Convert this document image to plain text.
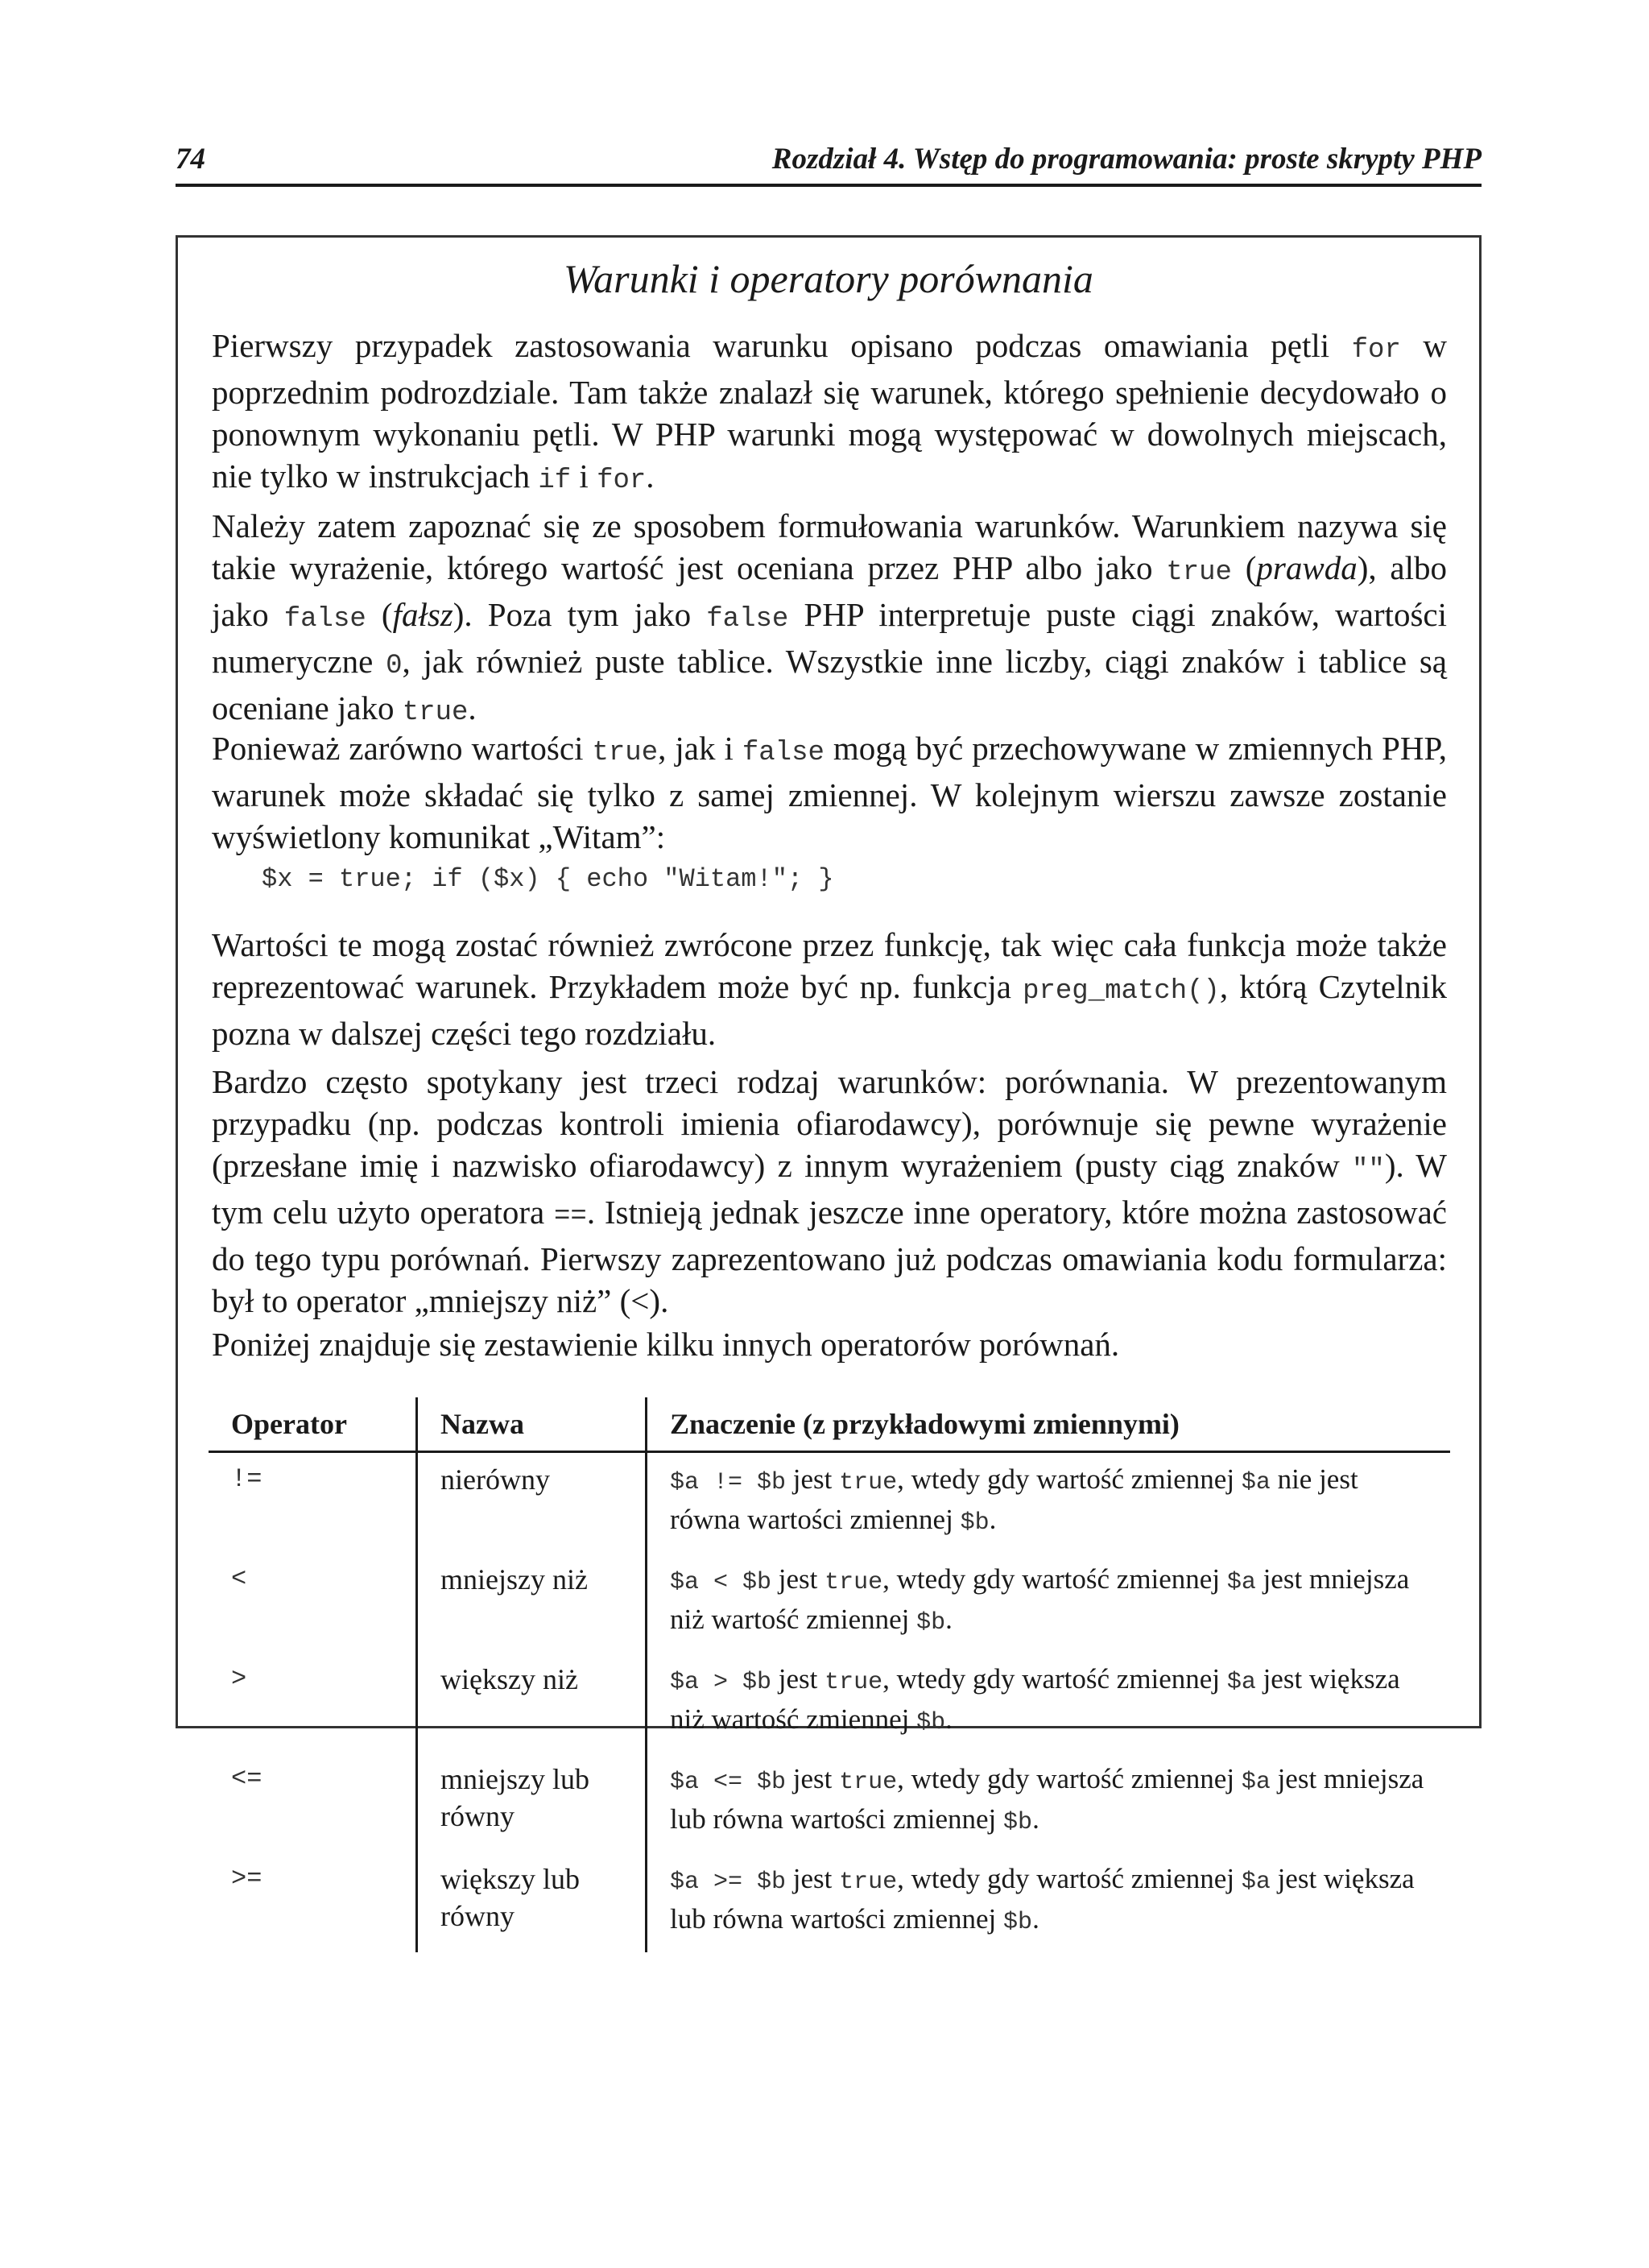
74	Rozdział 4. Wstęp do programowania: proste skrypty PHP
Warunki i operatory porównania

Pierwszy przypadek zastosowania warunku opisano podczas omawiania pętli for w poprzednim podrozdziale. Tam także znalazł się warunek, którego spełnienie decydowało o ponownym wykonaniu pętli. W PHP warunki mogą występować w dowolnych miejscach, nie tylko w instrukcjach if i for.

Należy zatem zapoznać się ze sposobem formułowania warunków. Warunkiem nazywa się takie wyrażenie, którego wartość jest oceniana przez PHP albo jako true (prawda), albo jako false (fałsz). Poza tym jako false PHP interpretuje puste ciągi znaków, wartości numeryczne 0, jak również puste tablice. Wszystkie inne liczby, ciągi znaków i tablice są oceniane jako true.

Ponieważ zarówno wartości true, jak i false mogą być przechowywane w zmiennych PHP, warunek może składać się tylko z samej zmiennej. W kolejnym wierszu zawsze zostanie wyświetlony komunikat „Witam”:

$x = true; if ($x) { echo "Witam!"; }

Wartości te mogą zostać również zwrócone przez funkcję, tak więc cała funkcja może także reprezentować warunek. Przykładem może być np. funkcja preg_match(), którą Czytelnik pozna w dalszej części tego rozdziału.

Bardzo często spotykany jest trzeci rodzaj warunków: porównania. W prezentowanym przypadku (np. podczas kontroli imienia ofiarodawcy), porównuje się pewne wyrażenie (przesłane imię i nazwisko ofiarodawcy) z innym wyrażeniem (pusty ciąg znaków ""). W tym celu użyto operatora ==. Istnieją jednak jeszcze inne operatory, które można zastosować do tego typu porównań. Pierwszy zaprezentowano już podczas omawiania kodu formularza: był to operator „mniejszy niż” (<).

Poniżej znajduje się zestawienie kilku innych operatorów porównań.

Operator	Nazwa	Znaczenie (z przykładowymi zmiennymi)
!=	nierówny	$a != $b jest true, wtedy gdy wartość zmiennej $a nie jest równa wartości zmiennej $b.
<	mniejszy niż	$a < $b jest true, wtedy gdy wartość zmiennej $a jest mniejsza niż wartość zmiennej $b.
>	większy niż	$a > $b jest true, wtedy gdy wartość zmiennej $a jest większa niż wartość zmiennej $b.
<=	mniejszy lub równy	$a <= $b jest true, wtedy gdy wartość zmiennej $a jest mniejsza lub równa wartości zmiennej $b.
>=	większy lub równy	$a >= $b jest true, wtedy gdy wartość zmiennej $a jest większa lub równa wartości zmiennej $b.
